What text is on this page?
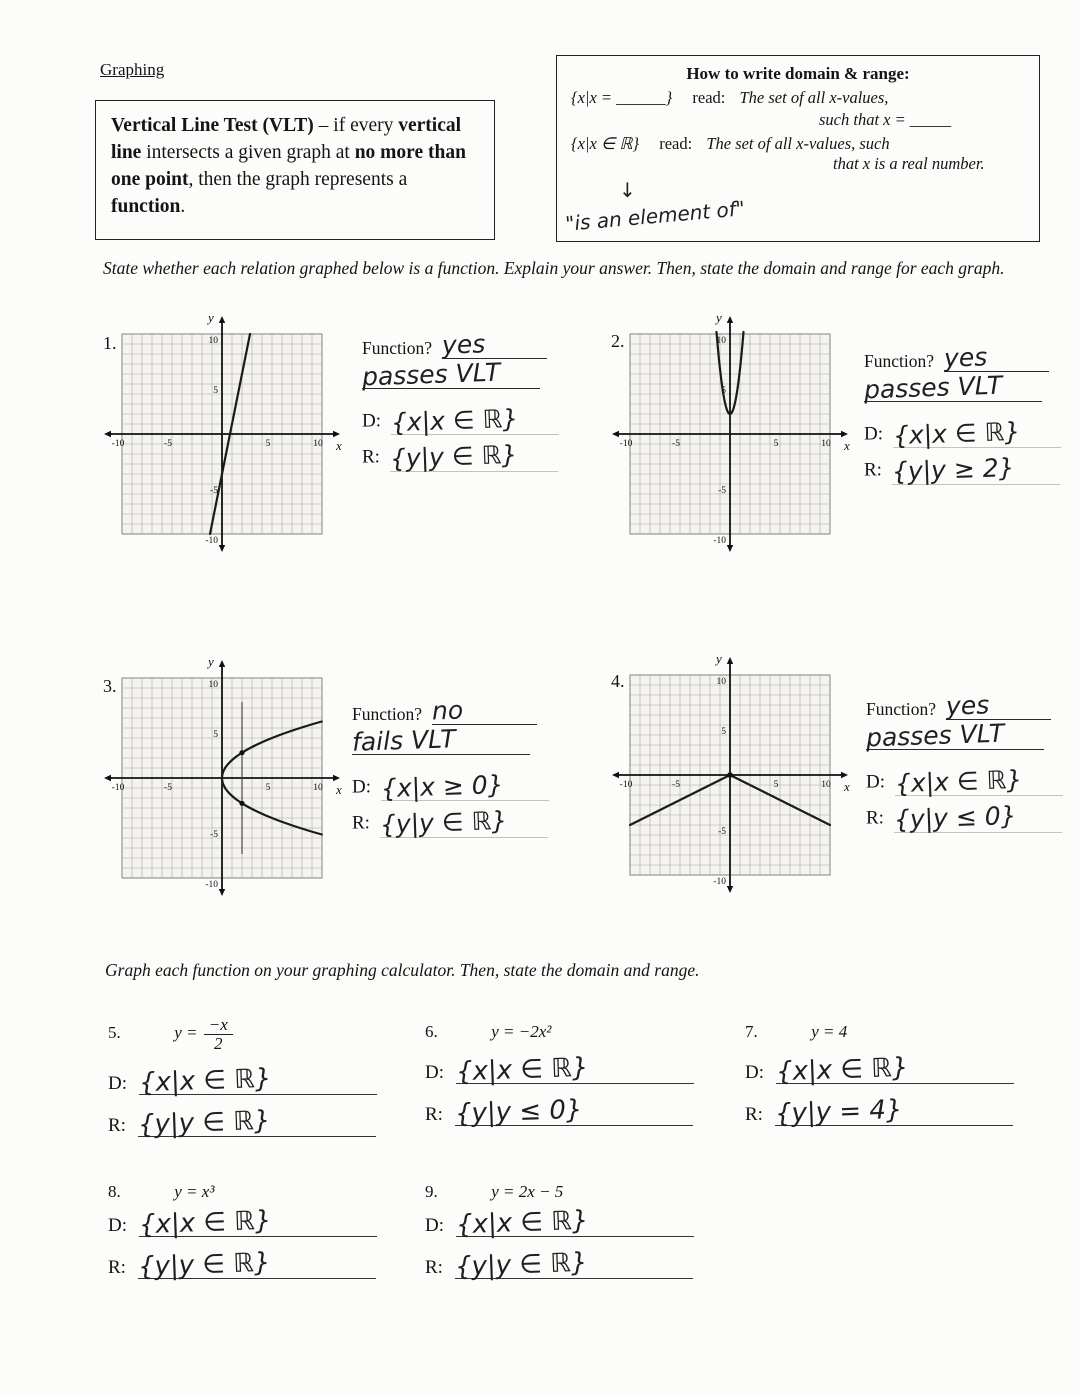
Graphing
Vertical Line Test (VLT) – if every vertical line intersects a given graph at no more than one point, then the graph represents a function.
How to write domain & range:
{x|x = ______} read: The set of all x-values,
such that x = _____
{x|x ∈ ℝ} read: The set of all x-values, such
that x is a real number.
↓
"is an element of"
State whether each relation graphed below is a function. Explain your answer. Then, state the domain and range for each graph.
1.
-10	-5	5	10
10
5
-5
-10
y
x
Function? yes
passes VLT
D: {x|x ∈ ℝ}
R: {y|y ∈ ℝ}
2.
-10	-5	5	10
10
5
-5
-10
y
x
Function? yes
passes VLT
D: {x|x ∈ ℝ}
R: {y|y ≥ 2}
3.
-10	-5	5	10
10
5
-5
-10
y
x
Function? no
fails VLT
D: {x|x ≥ 0}
R: {y|y ∈ ℝ}
4.
-10	-5	5	10
10
5
-5
-10
y
x
Function? yes
passes VLT
D: {x|x ∈ ℝ}
R: {y|y ≤ 0}
Graph each function on your graphing calculator. Then, state the domain and range.
5.	$y = \frac{-x}{2}$
D: {x|x ∈ ℝ}
R: {y|y ∈ ℝ}
6.	y = −2x²
D: {x|x ∈ ℝ}
R: {y|y ≤ 0}
7.	y = 4
D: {x|x ∈ ℝ}
R: {y|y = 4}
8.	y = x³
D: {x|x ∈ ℝ}
R: {y|y ∈ ℝ}
9.	y = 2x − 5
D: {x|x ∈ ℝ}
R: {y|y ∈ ℝ}
